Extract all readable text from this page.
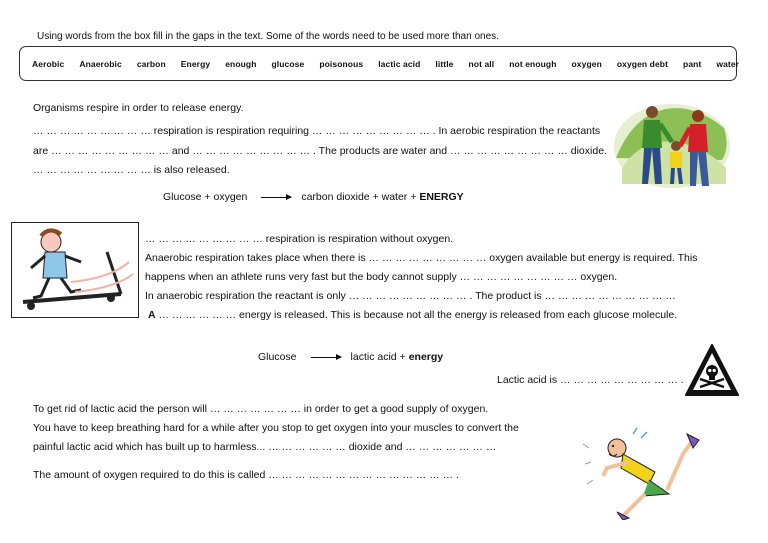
Using words from the box fill in the gaps in the text. Some of the words need to be used more than ones.
Aerobic Anaerobic carbon Energy enough glucose poisonous lactic acid little not all not enough oxygen oxygen debt pant water
Organisms respire in order to release energy.
… … … … … … … … … respiration is respiration requiring … … … … … … … … … . In aerobic respiration the reactants
are … … … … … … … … … and … … … … … … … … … . The products are water and … … … … … … … … … dioxide.
… … … … … … … … … is also released.
Glucose + oxygen	carbon dioxide + water + ENERGY
… … … … … … … … … respiration is respiration without oxygen.
Anaerobic respiration takes place when there is … … … … … … … … … oxygen available but energy is required. This
happens when an athlete runs very fast but the body cannot supply … … … … … … … … … oxygen.
In anaerobic respiration the reactant is only … … … … … … … … … . The product is … … … … … … … … … …
A … … … … … … energy is released. This is because not all the energy is released from each glucose molecule.
Glucose	lactic acid + energy
Lactic acid is … … … … … … … … … .
To get rid of lactic acid the person will … … … … … … … in order to get a good supply of oxygen.
You have to keep breathing hard for a while after you stop to get oxygen into your muscles to convert the
painful lactic acid which has built up to harmless... … … … … … … dioxide and … … … … … … …
The amount of oxygen required to do this is called … … … … … … … … … … … … … … .
